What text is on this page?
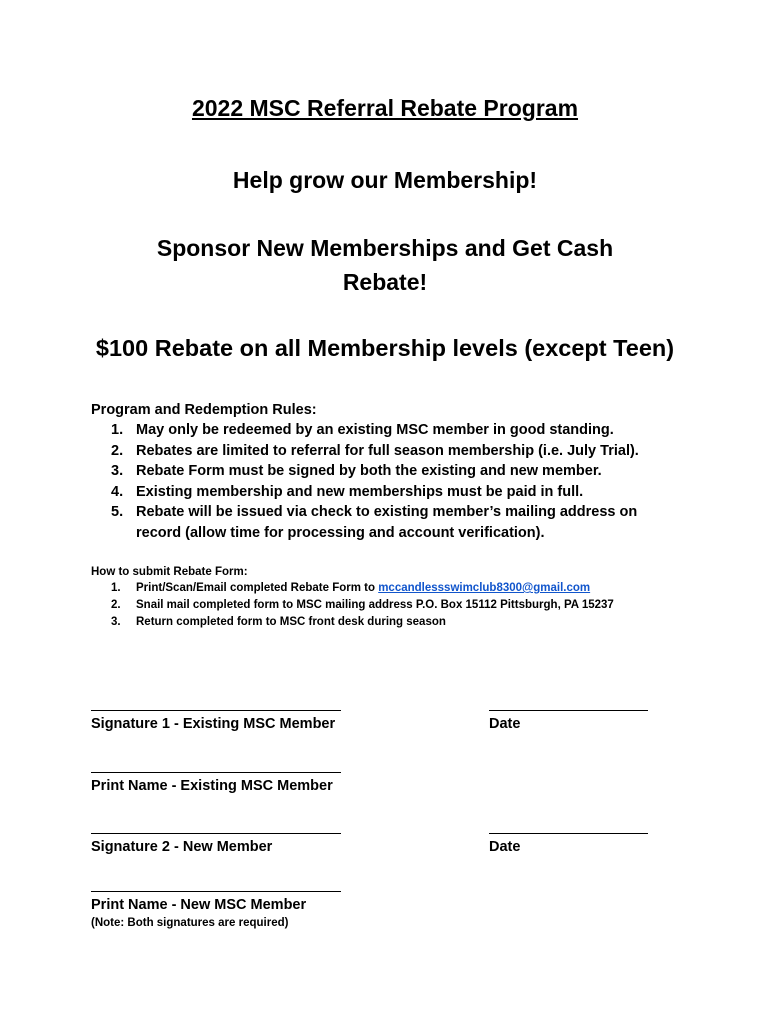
2022 MSC Referral Rebate Program
Help grow our Membership!
Sponsor New Memberships and Get Cash
Rebate!
$100 Rebate on all Membership levels (except Teen)
Program and Redemption Rules:
1. May only be redeemed by an existing MSC member in good standing.
2. Rebates are limited to referral for full season membership (i.e. July Trial).
3. Rebate Form must be signed by both the existing and new member.
4. Existing membership and new memberships must be paid in full.
5. Rebate will be issued via check to existing member’s mailing address on record (allow time for processing and account verification).
How to submit Rebate Form:
1. Print/Scan/Email completed Rebate Form to mccandlessswimclub8300@gmail.com
2. Snail mail completed form to MSC mailing address P.O. Box 15112 Pittsburgh, PA 15237
3. Return completed form to MSC front desk during season
Signature 1 - Existing MSC Member	Date
Print Name - Existing MSC Member
Signature 2 - New Member	Date
Print Name - New MSC Member
(Note: Both signatures are required)
